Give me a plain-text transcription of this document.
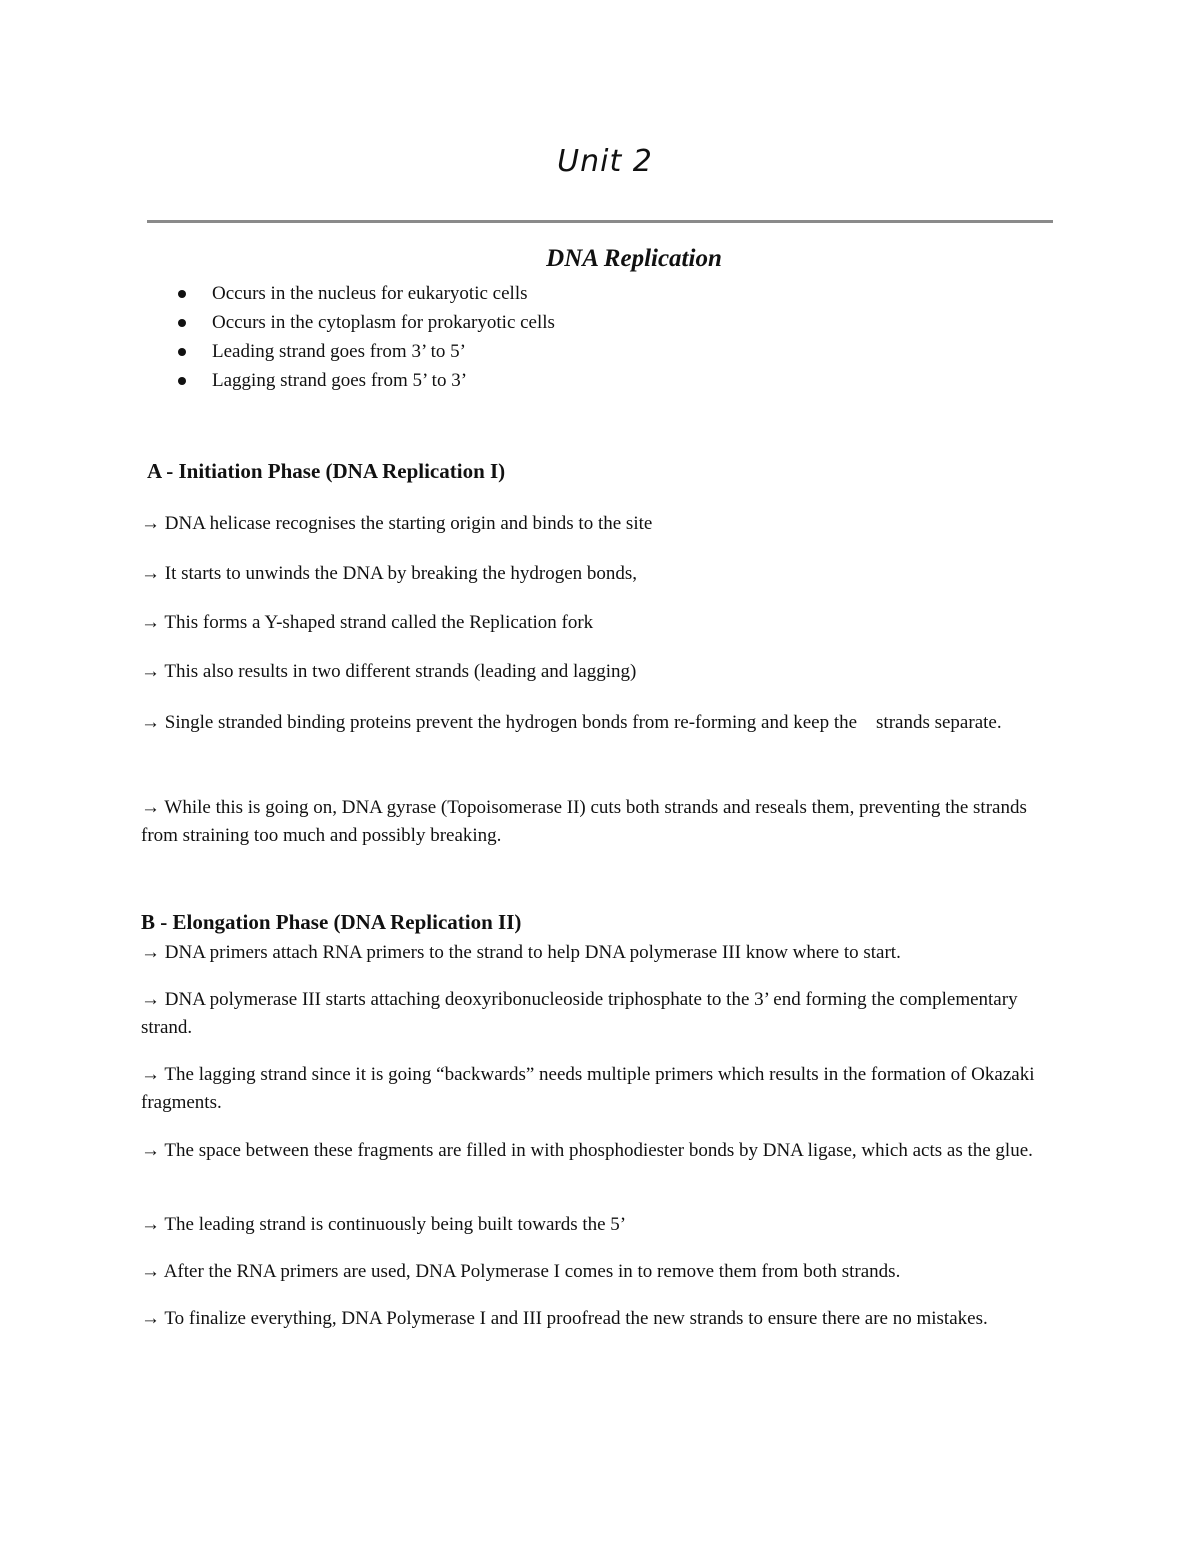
Unit 2
DNA Replication
Occurs in the nucleus for eukaryotic cells
Occurs in the cytoplasm for prokaryotic cells
Leading strand goes from 3’ to 5’
Lagging strand goes from 5’ to 3’
A - Initiation Phase (DNA Replication I)

→ DNA helicase recognises the starting origin and binds to the site

→ It starts to unwinds the DNA by breaking the hydrogen bonds,

→ This forms a Y-shaped strand called the Replication fork

→ This also results in two different strands (leading and lagging)

→ Single stranded binding proteins prevent the hydrogen bonds from re-forming and keep the    strands separate.

→ While this is going on, DNA gyrase (Topoisomerase II) cuts both strands and reseals them, preventing the strands from straining too much and possibly breaking.

B - Elongation Phase (DNA Replication II)

→ DNA primers attach RNA primers to the strand to help DNA polymerase III know where to start.

→ DNA polymerase III starts attaching deoxyribonucleoside triphosphate to the 3’ end forming the complementary strand.

→ The lagging strand since it is going “backwards” needs multiple primers which results in the formation of Okazaki fragments.

→ The space between these fragments are filled in with phosphodiester bonds by DNA ligase, which acts as the glue.

→ The leading strand is continuously being built towards the 5’

→ After the RNA primers are used, DNA Polymerase I comes in to remove them from both strands.

→ To finalize everything, DNA Polymerase I and III proofread the new strands to ensure there are no mistakes.
